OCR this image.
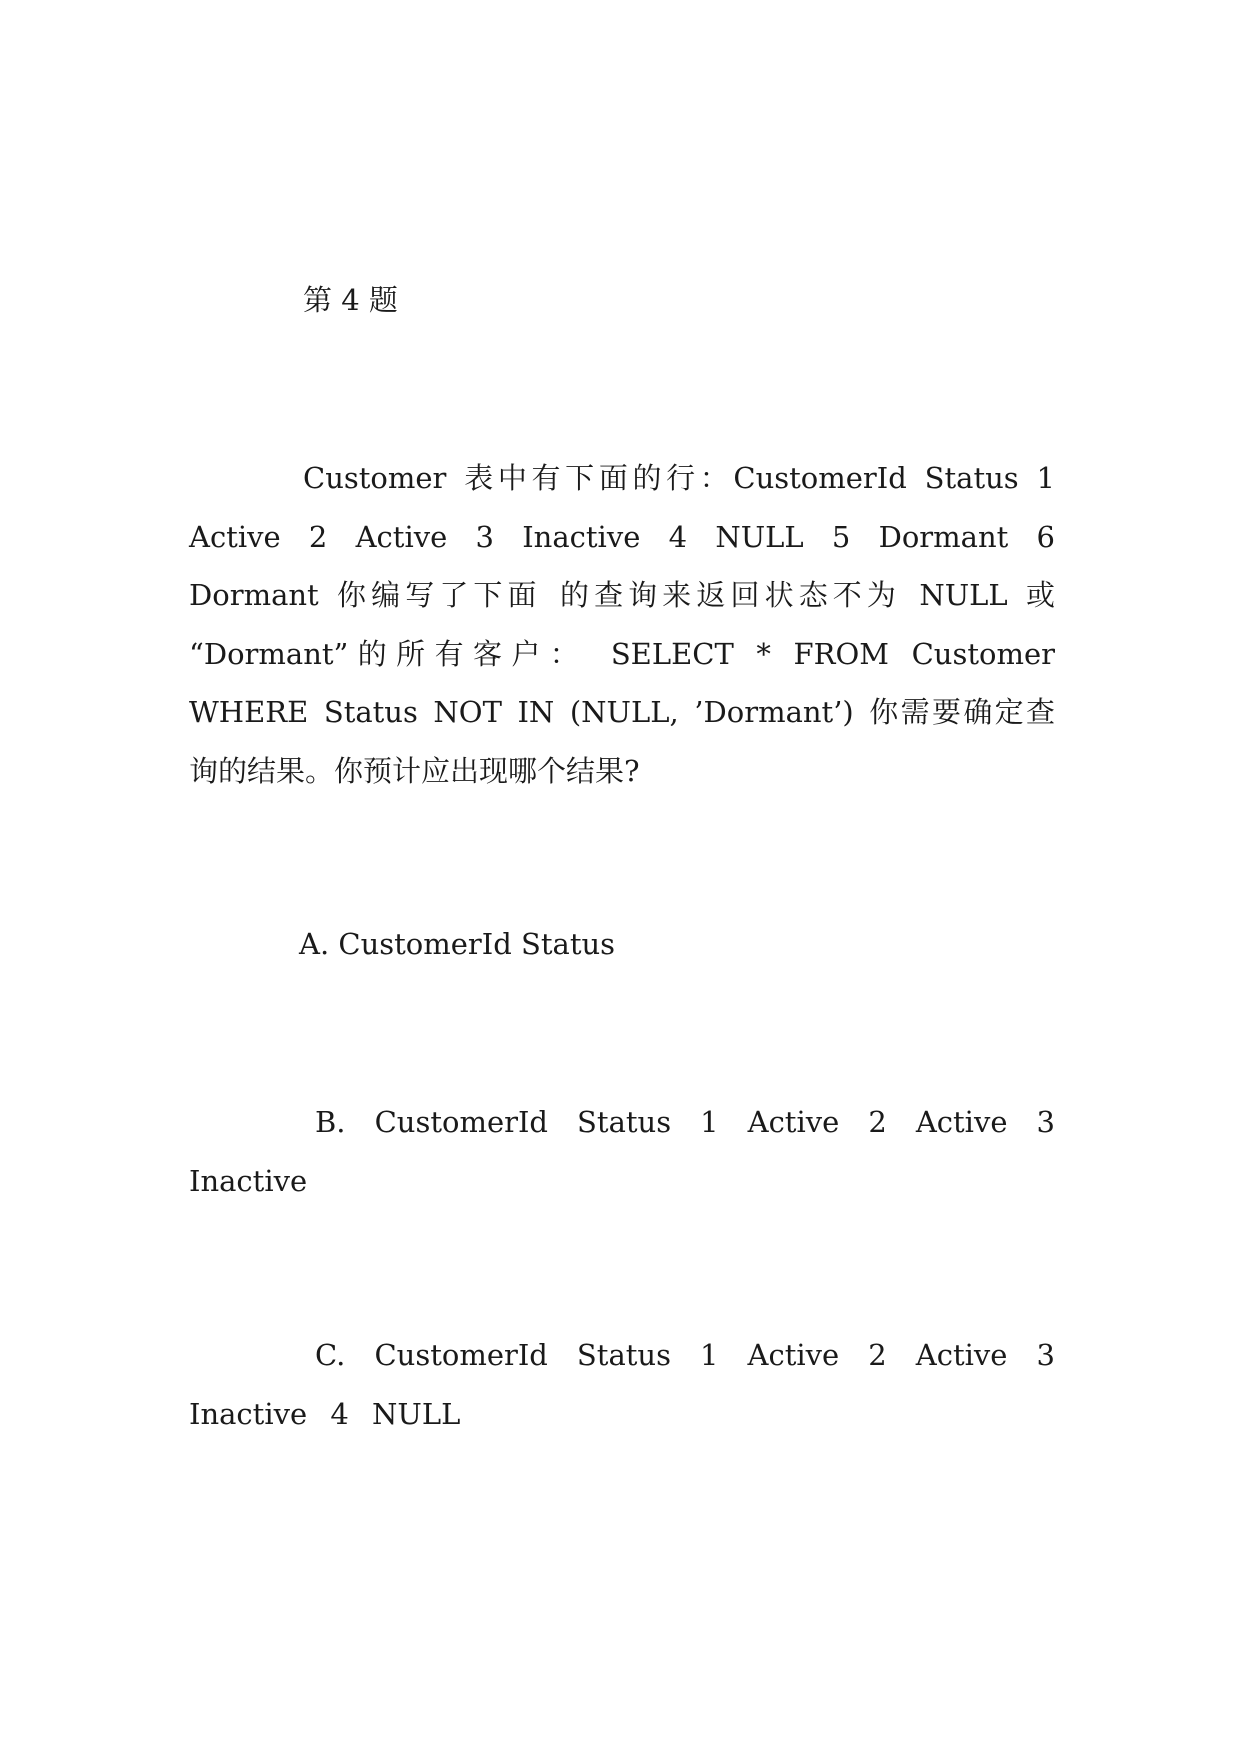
第 4 题
Customer 表中有下面的行：CustomerId Status 1 Active 2 Active 3 Inactive 4 NULL 5 Dormant 6 Dormant 你编写了下面 的查询来返回状态不为 NULL 或 “Dormant”的所有客户： SELECT * FROM Customer WHERE Status NOT IN (NULL, ’Dormant’) 你需要确定查询的结果。你预计应出现哪个结果?
A. CustomerId Status
B. CustomerId Status 1 Active 2 Active 3 Inactive
C. CustomerId Status 1 Active 2 Active 3 Inactive 4 NULL
